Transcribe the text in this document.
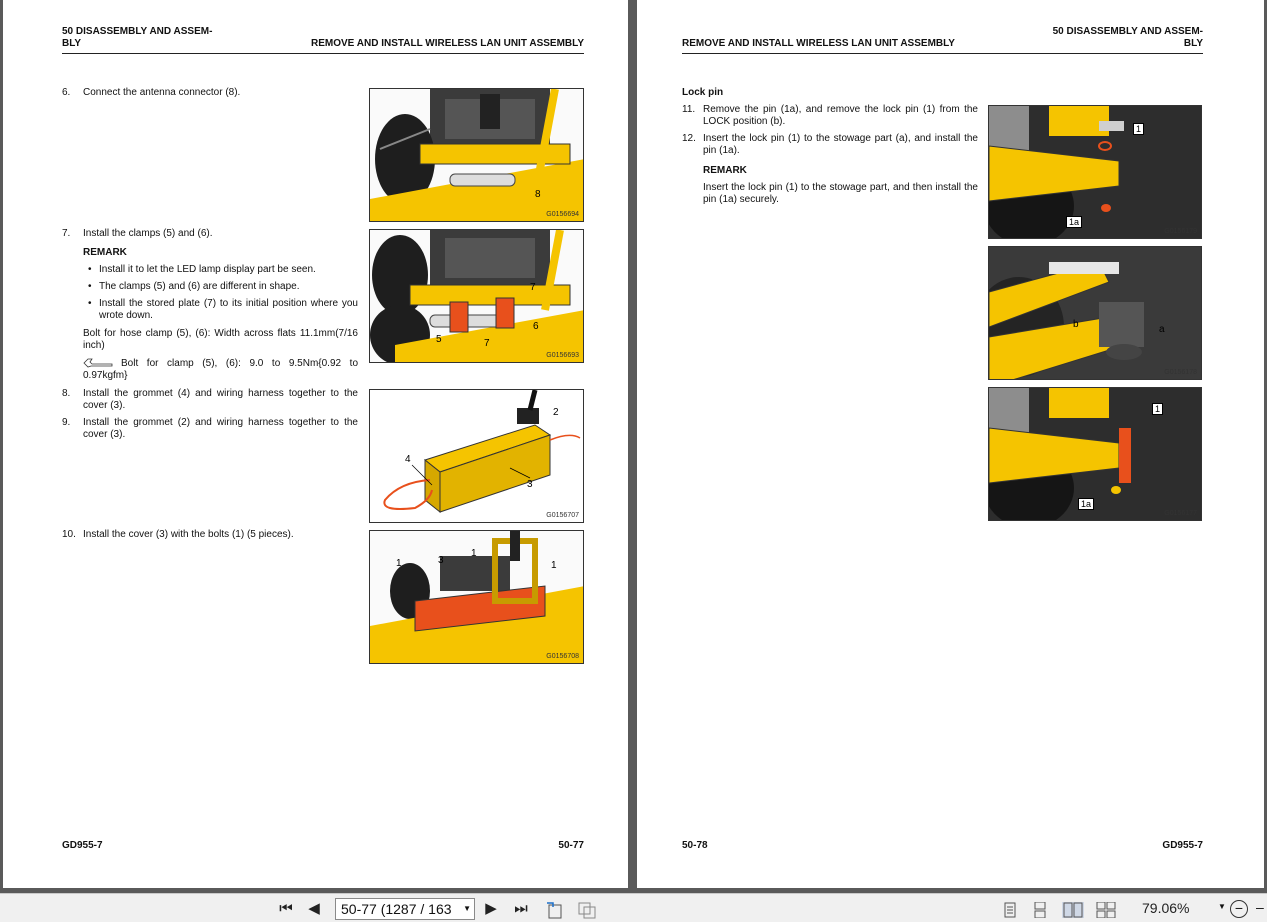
50 DISASSEMBLY AND ASSEM-
BLY	REMOVE AND INSTALL WIRELESS LAN UNIT ASSEMBLY
6. Connect the antenna connector (8).
7. Install the clamps (5) and (6).
REMARK
• Install it to let the LED lamp display part be seen.
• The clamps (5) and (6) are different in shape.
• Install the stored plate (7) to its initial position where you wrote down.
Bolt for hose clamp (5), (6): Width across flats 11.1mm(7/16 inch)
Bolt for clamp (5), (6): 9.0 to 9.5Nm{0.92 to 0.97kgfm}
8. Install the grommet (4) and wiring harness together to the cover (3).
9. Install the grommet (2) and wiring harness together to the cover (3).
10. Install the cover (3) with the bolts (1) (5 pieces).
8
G0156694
7
5	7
6
G0156693
2
4
3
G0156707
1	3
1
1
G0156708
GD955-7	50-77
REMOVE AND INSTALL WIRELESS LAN UNIT ASSEMBLY
50 DISASSEMBLY AND ASSEM-
BLY
Lock pin
11. Remove the pin (1a), and remove the lock pin (1) from the LOCK position (b).
12. Insert the lock pin (1) to the stowage part (a), and install the pin (1a).
REMARK
Insert the lock pin (1) to the stowage part, and then install the pin (1a) securely.
1
1a
G0156179
b	a
G0156178
1
1a
G0156177
50-78	GD955-7
⏮ ◀	50-77 (1287 / 163 ▼ ▶ ⏭	79.06%	▼ − –
